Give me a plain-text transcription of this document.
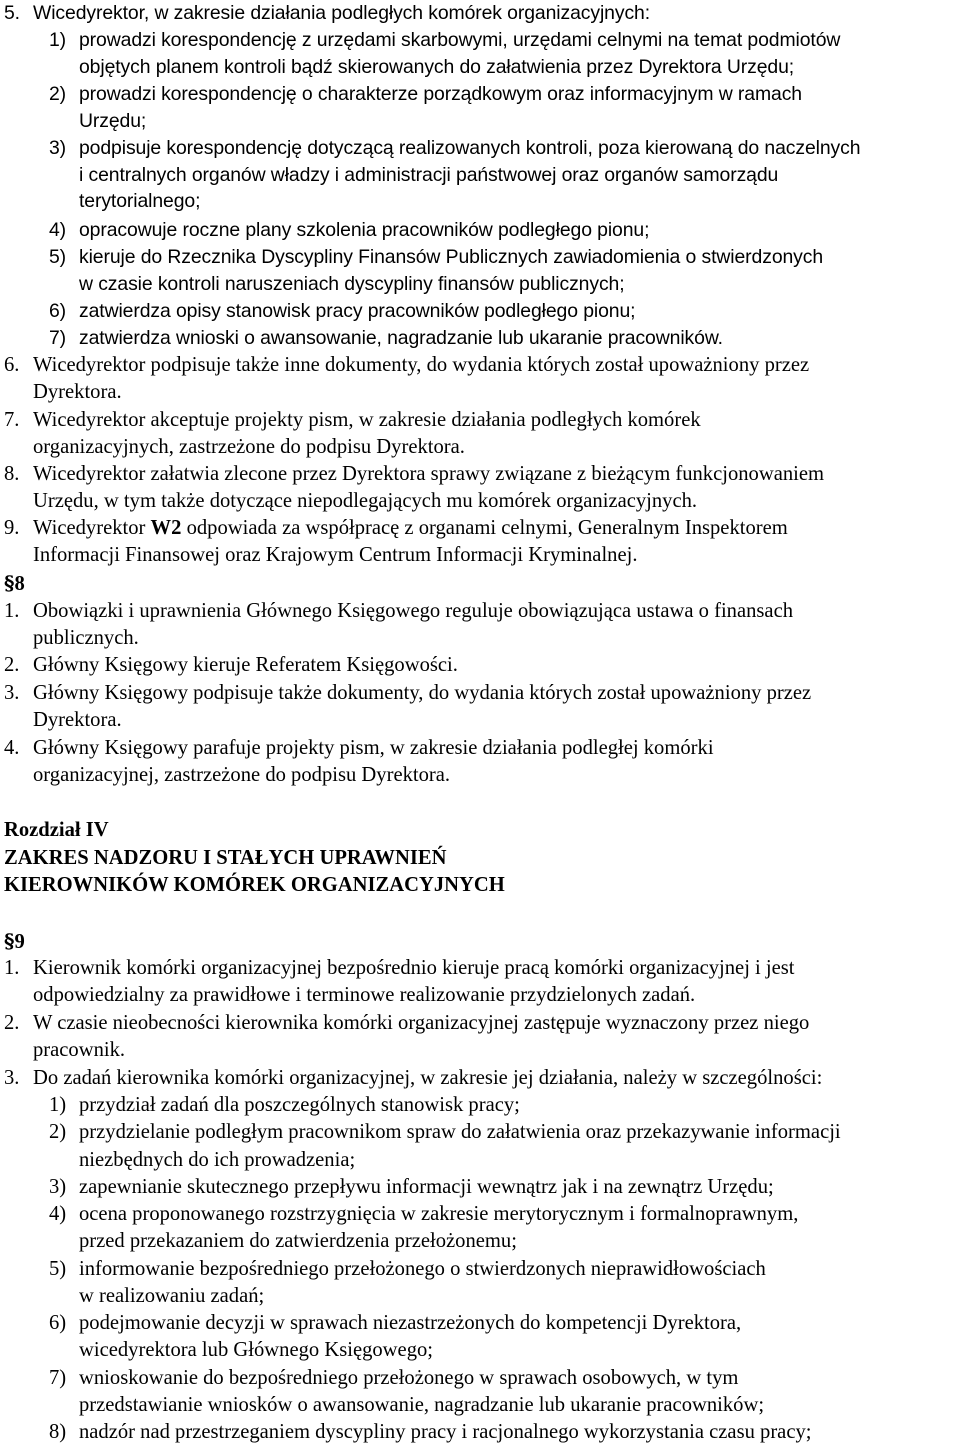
5. Wicedyrektor, w zakresie działania podległych komórek organizacyjnych:
1) prowadzi korespondencję z urzędami skarbowymi, urzędami celnymi na temat podmiotów
objętych planem kontroli bądź skierowanych do załatwienia przez Dyrektora Urzędu;
2) prowadzi korespondencję o charakterze porządkowym oraz informacyjnym w ramach
Urzędu;
3) podpisuje korespondencję dotyczącą realizowanych kontroli, poza kierowaną do naczelnych
i centralnych organów władzy i administracji państwowej oraz organów samorządu
terytorialnego;
4) opracowuje roczne plany szkolenia pracowników podległego pionu;
5) kieruje do Rzecznika Dyscypliny Finansów Publicznych zawiadomienia o stwierdzonych
w czasie kontroli naruszeniach dyscypliny finansów publicznych;
6) zatwierdza opisy stanowisk pracy pracowników podległego pionu;
7) zatwierdza wnioski o awansowanie, nagradzanie lub ukaranie pracowników.
6. Wicedyrektor podpisuje także inne dokumenty, do wydania których został upoważniony przez
Dyrektora.
7. Wicedyrektor akceptuje projekty pism, w zakresie działania podległych komórek
organizacyjnych, zastrzeżone do podpisu Dyrektora.
8. Wicedyrektor załatwia zlecone przez Dyrektora sprawy związane z bieżącym funkcjonowaniem
Urzędu, w tym także dotyczące niepodlegających mu komórek organizacyjnych.
9. Wicedyrektor W2 odpowiada za współpracę z organami celnymi, Generalnym Inspektorem
Informacji Finansowej oraz Krajowym Centrum Informacji Kryminalnej.
§8
1. Obowiązki i uprawnienia Głównego Księgowego reguluje obowiązująca ustawa o finansach
publicznych.
2. Główny Księgowy kieruje Referatem Księgowości.
3. Główny Księgowy podpisuje także dokumenty, do wydania których został upoważniony przez
Dyrektora.
4. Główny Księgowy parafuje projekty pism, w zakresie działania podległej komórki
organizacyjnej, zastrzeżone do podpisu Dyrektora.
Rozdział IV
ZAKRES NADZORU I STAŁYCH UPRAWNIEŃ
KIEROWNIKÓW KOMÓREK ORGANIZACYJNYCH
§9
1. Kierownik komórki organizacyjnej bezpośrednio kieruje pracą komórki organizacyjnej i jest
odpowiedzialny za prawidłowe i terminowe realizowanie przydzielonych zadań.
2. W czasie nieobecności kierownika komórki organizacyjnej zastępuje wyznaczony przez niego
pracownik.
3. Do zadań kierownika komórki organizacyjnej, w zakresie jej działania, należy w szczególności:
1) przydział zadań dla poszczególnych stanowisk pracy;
2) przydzielanie podległym pracownikom spraw do załatwienia oraz przekazywanie informacji
niezbędnych do ich prowadzenia;
3) zapewnianie skutecznego przepływu informacji wewnątrz jak i na zewnątrz Urzędu;
4) ocena proponowanego rozstrzygnięcia w zakresie merytorycznym i formalnoprawnym,
przed przekazaniem do zatwierdzenia przełożonemu;
5) informowanie bezpośredniego przełożonego o stwierdzonych nieprawidłowościach
w realizowaniu zadań;
6) podejmowanie decyzji w sprawach niezastrzeżonych do kompetencji Dyrektora,
wicedyrektora lub Głównego Księgowego;
7) wnioskowanie do bezpośredniego przełożonego w sprawach osobowych, w tym
przedstawianie wniosków o awansowanie, nagradzanie lub ukaranie pracowników;
8) nadzór nad przestrzeganiem dyscypliny pracy i racjonalnego wykorzystania czasu pracy;
